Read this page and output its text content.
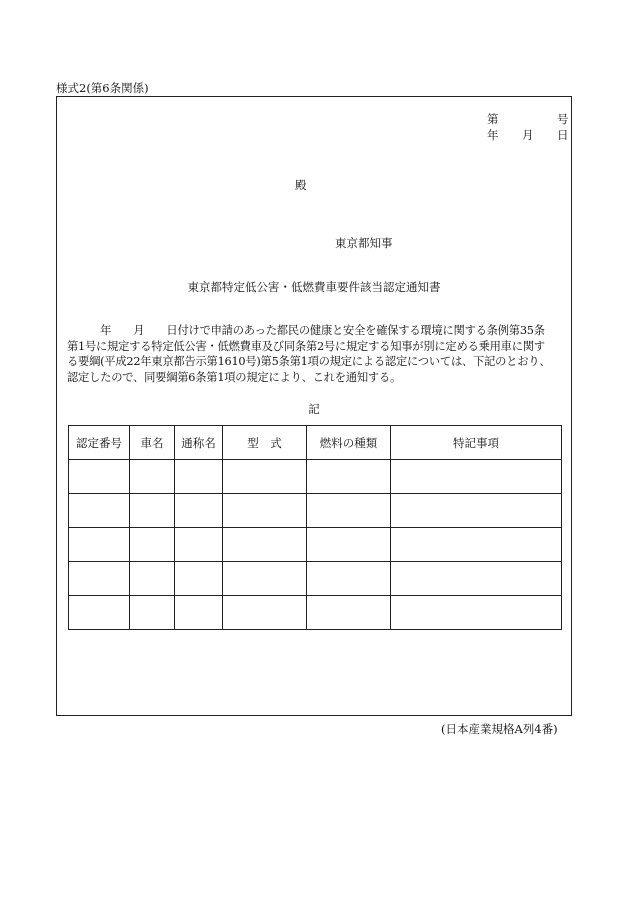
様式2(第6条関係)
第	号
年 月 日
殿
東京都知事
東京都特定低公害・低燃費車要件該当認定通知書
　　　年　　月　　日付けで申請のあった都民の健康と安全を確保する環境に関する条例第35条
第1号に規定する特定低公害・低燃費車及び同条第2号に規定する知事が別に定める乗用車に関す
る要綱(平成22年東京都告示第1610号)第5条第1項の規定による認定については、下記のとおり、
認定したので、同要綱第6条第1項の規定により、これを通知する。
記
認定番号	車名	通称名	型　式	燃料の種類	特記事項

(日本産業規格A列4番)
